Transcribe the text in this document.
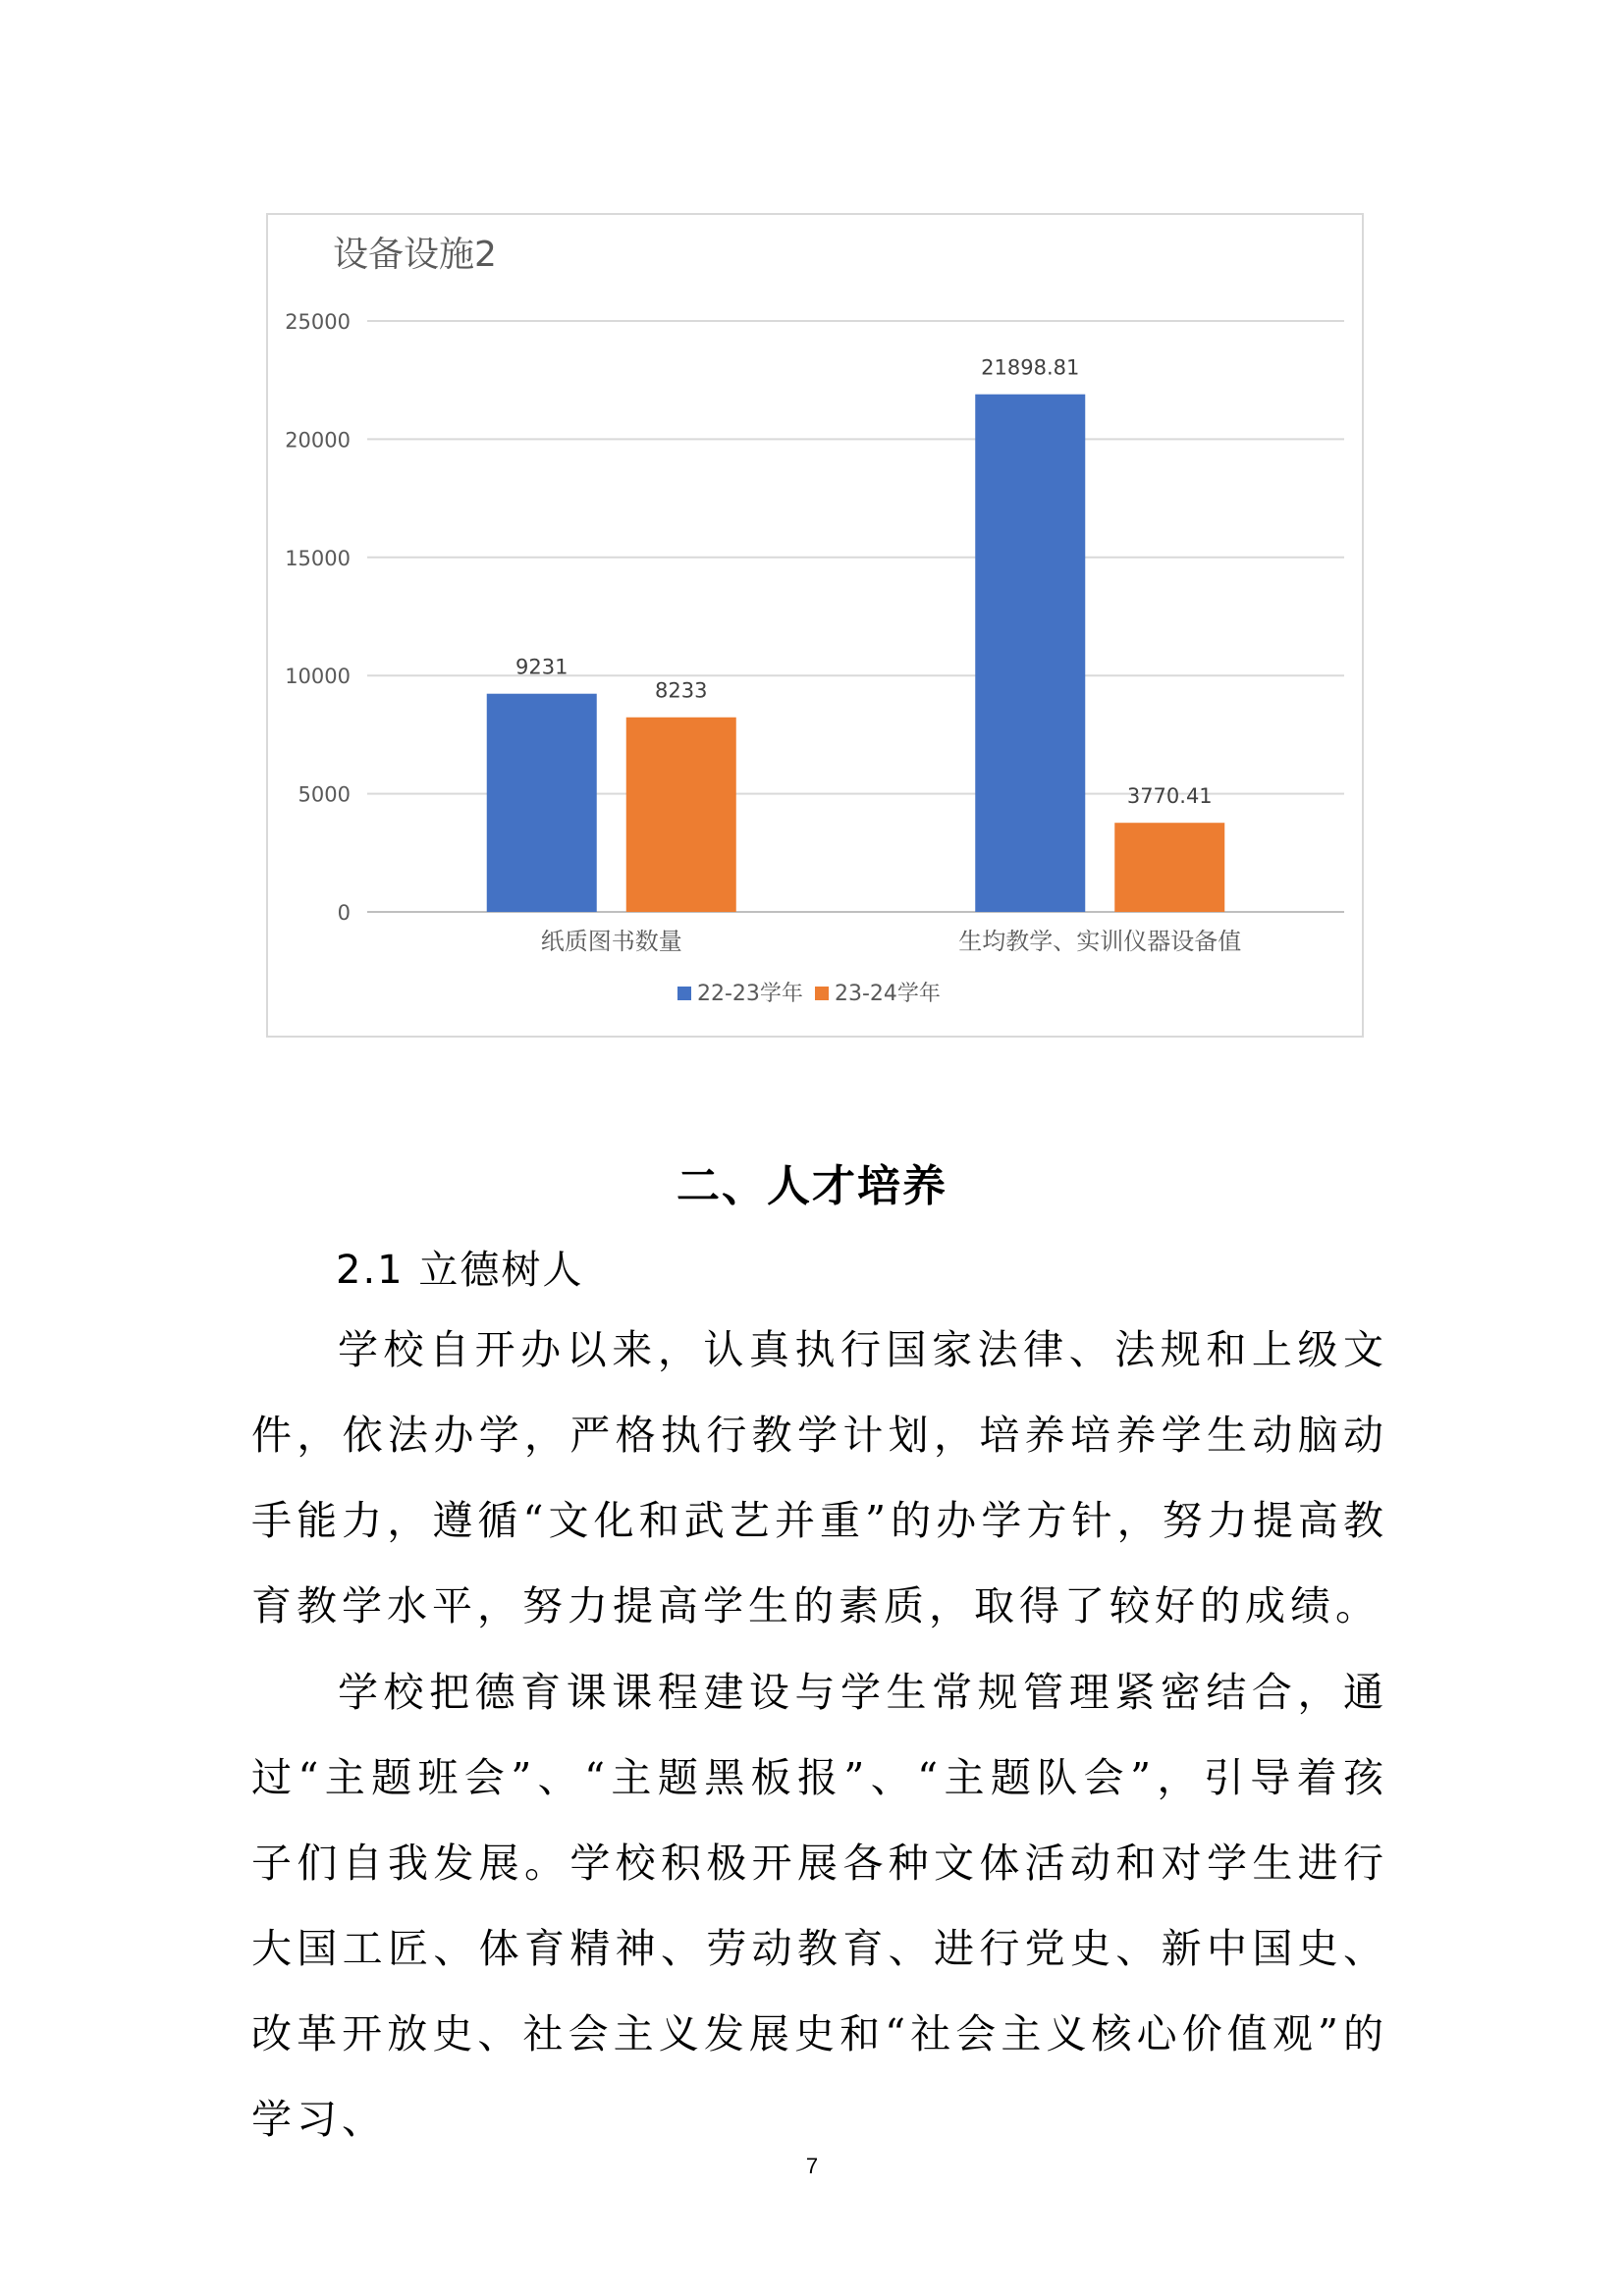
设备设施2
0
5000
10000
15000
20000
25000
纸质图书数量
9231
8233
生均教学、实训仪器设备值
21898.81
3770.41
22-23学年 23-24学年
二、人才培养
2.1 立德树人

学校自开办以来，认真执行国家法律、法规和上级文件，依法办学，严格执行教学计划，培养培养学生动脑动手能力，遵循“文化和武艺并重”的办学方针，努力提高教育教学水平，努力提高学生的素质，取得了较好的成绩。

学校把德育课课程建设与学生常规管理紧密结合，通过“主题班会”、“主题黑板报”、“主题队会”，引导着孩子们自我发展。学校积极开展各种文体活动和对学生进行大国工匠、体育精神、劳动教育、进行党史、新中国史、改革开放史、社会主义发展史和“社会主义核心价值观”的学习、

7
